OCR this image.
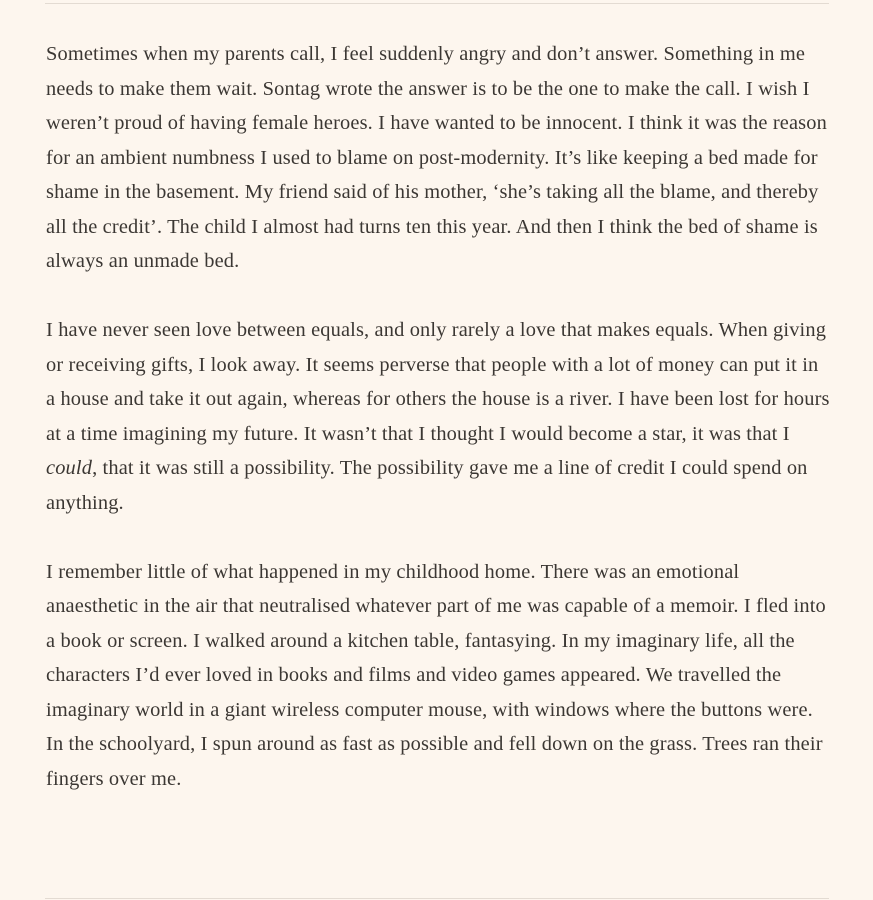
Sometimes when my parents call, I feel suddenly angry and don’t answer. Something in me needs to make them wait. Sontag wrote the answer is to be the one to make the call. I wish I weren’t proud of having female heroes. I have wanted to be innocent. I think it was the reason for an ambient numbness I used to blame on post-modernity. It’s like keeping a bed made for shame in the basement. My friend said of his mother, ‘she’s taking all the blame, and thereby all the credit’. The child I almost had turns ten this year. And then I think the bed of shame is always an unmade bed.

I have never seen love between equals, and only rarely a love that makes equals. When giving or receiving gifts, I look away. It seems perverse that people with a lot of money can put it in a house and take it out again, whereas for others the house is a river. I have been lost for hours at a time imagining my future. It wasn’t that I thought I would become a star, it was that I could, that it was still a possibility. The possibility gave me a line of credit I could spend on anything.

I remember little of what happened in my childhood home. There was an emotional anaesthetic in the air that neutralised whatever part of me was capable of a memoir. I fled into a book or screen. I walked around a kitchen table, fantasying. In my imaginary life, all the characters I’d ever loved in books and films and video games appeared. We travelled the imaginary world in a giant wireless computer mouse, with windows where the buttons were. In the schoolyard, I spun around as fast as possible and fell down on the grass. Trees ran their fingers over me.
